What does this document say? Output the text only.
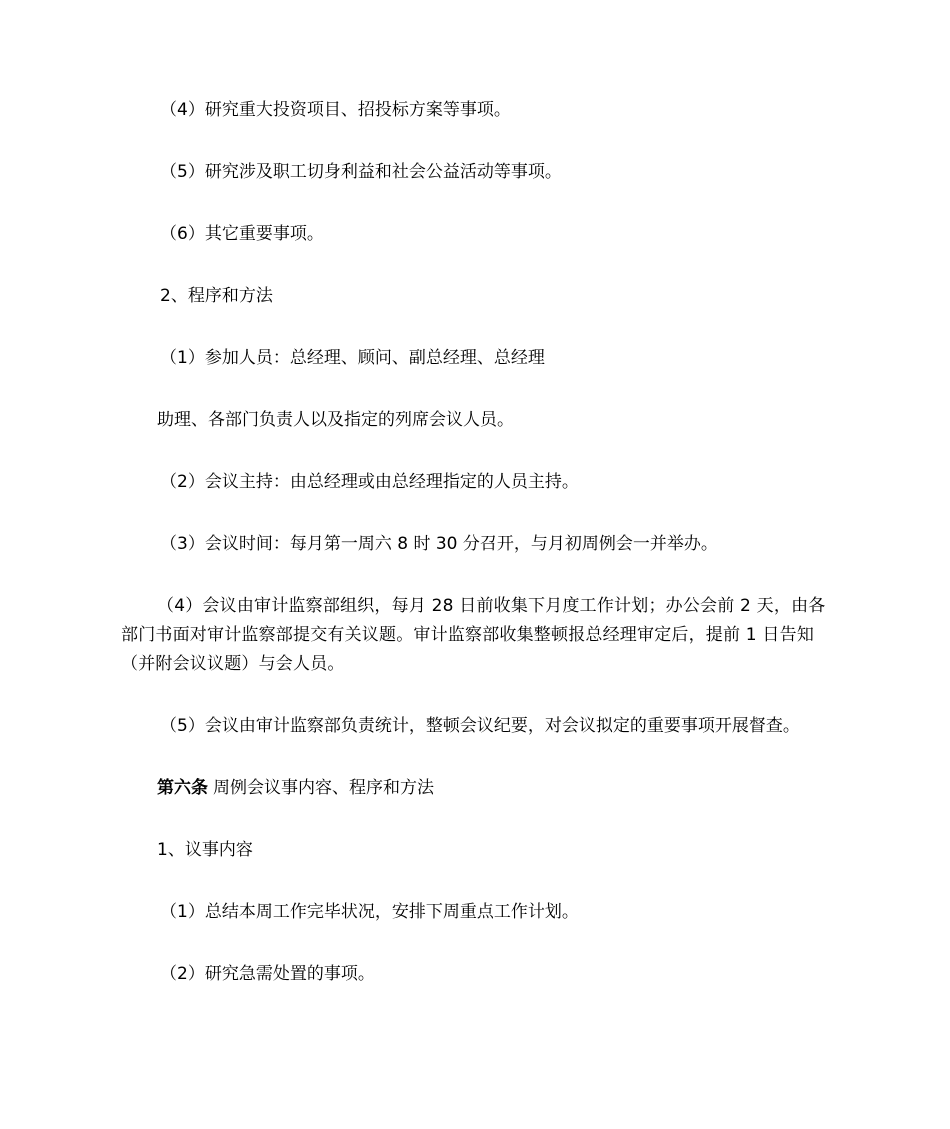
（4）研究重大投资项目、招投标方案等事项。
（5）研究涉及职工切身利益和社会公益活动等事项。
（6）其它重要事项。
2、程序和方法
（1）参加人员：总经理、顾问、副总经理、总经理
助理、各部门负责人以及指定的列席会议人员。
（2）会议主持：由总经理或由总经理指定的人员主持。
（3）会议时间：每月第一周六 8 时 30 分召开，与月初周例会一并举办。
（4）会议由审计监察部组织，每月 28 日前收集下月度工作计划；办公会前 2 天，由各部门书面对审计监察部提交有关议题。审计监察部收集整顿报总经理审定后，提前 1 日告知（并附会议议题）与会人员。
（5）会议由审计监察部负责统计，整顿会议纪要，对会议拟定的重要事项开展督查。
第六条 周例会议事内容、程序和方法
1、议事内容
（1）总结本周工作完毕状况，安排下周重点工作计划。
（2）研究急需处置的事项。
